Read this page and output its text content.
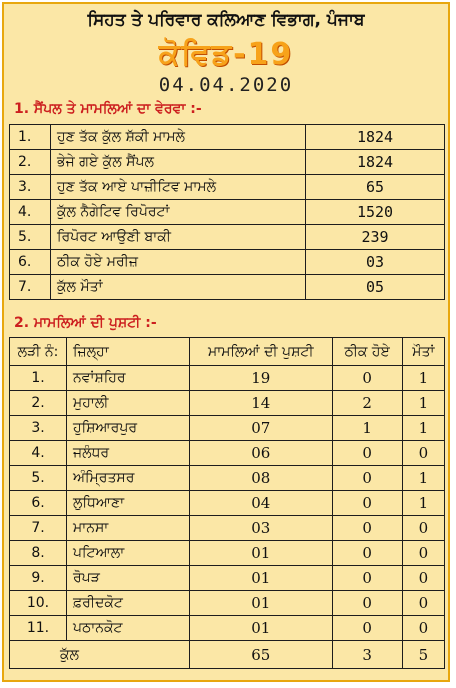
ਸਿਹਤ ਤੇ ਪਰਿਵਾਰ ਕਲਿਆਣ ਵਿਭਾਗ, ਪੰਜਾਬ
ਕੋਵਿਡ-19
04.04.2020
1. ਸੈਂਪਲ ਤੇ ਮਾਮਲਿਆਂ ਦਾ ਵੇਰਵਾ :-
1.	ਹੁਣ ਤੱਕ ਕੁੱਲ ਸ਼ੱਕੀ ਮਾਮਲੇ	1824
2.	ਭੇਜੇ ਗਏ ਕੁੱਲ ਸੈਂਪਲ	1824
3.	ਹੁਣ ਤੱਕ ਆਏ ਪਾਜ਼ੀਟਿਵ ਮਾਮਲੇ	65
4.	ਕੁੱਲ ਨੈਗੇਟਿਵ ਰਿਪੋਰਟਾਂ	1520
5.	ਰਿਪੋਰਟ ਆਉਣੀ ਬਾਕੀ	239
6.	ਠੀਕ ਹੋਏ ਮਰੀਜ਼	03
7.	ਕੁੱਲ ਮੌਤਾਂ	05
2. ਮਾਮਲਿਆਂ ਦੀ ਪੁਸ਼ਟੀ :-
ਲੜੀ ਨੰ:	ਜ਼ਿਲ੍ਹਾ	ਮਾਮਲਿਆਂ ਦੀ ਪੁਸ਼ਟੀ	ਠੀਕ ਹੋਏ	ਮੌਤਾਂ
1.	ਨਵਾਂਸ਼ਹਿਰ	19	0	1
2.	ਮੁਹਾਲੀ	14	2	1
3.	ਹੁਸ਼ਿਆਰਪੁਰ	07	1	1
4.	ਜਲੰਧਰ	06	0	0
5.	ਅੰਮ੍ਰਿਤਸਰ	08	0	1
6.	ਲੁਧਿਆਣਾ	04	0	1
7.	ਮਾਨਸਾ	03	0	0
8.	ਪਟਿਆਲਾ	01	0	0
9.	ਰੋਪੜ	01	0	0
10.	ਫ਼ਰੀਦਕੋਟ	01	0	0
11.	ਪਠਾਨਕੋਟ	01	0	0
ਕੁੱਲ		65	3	5
